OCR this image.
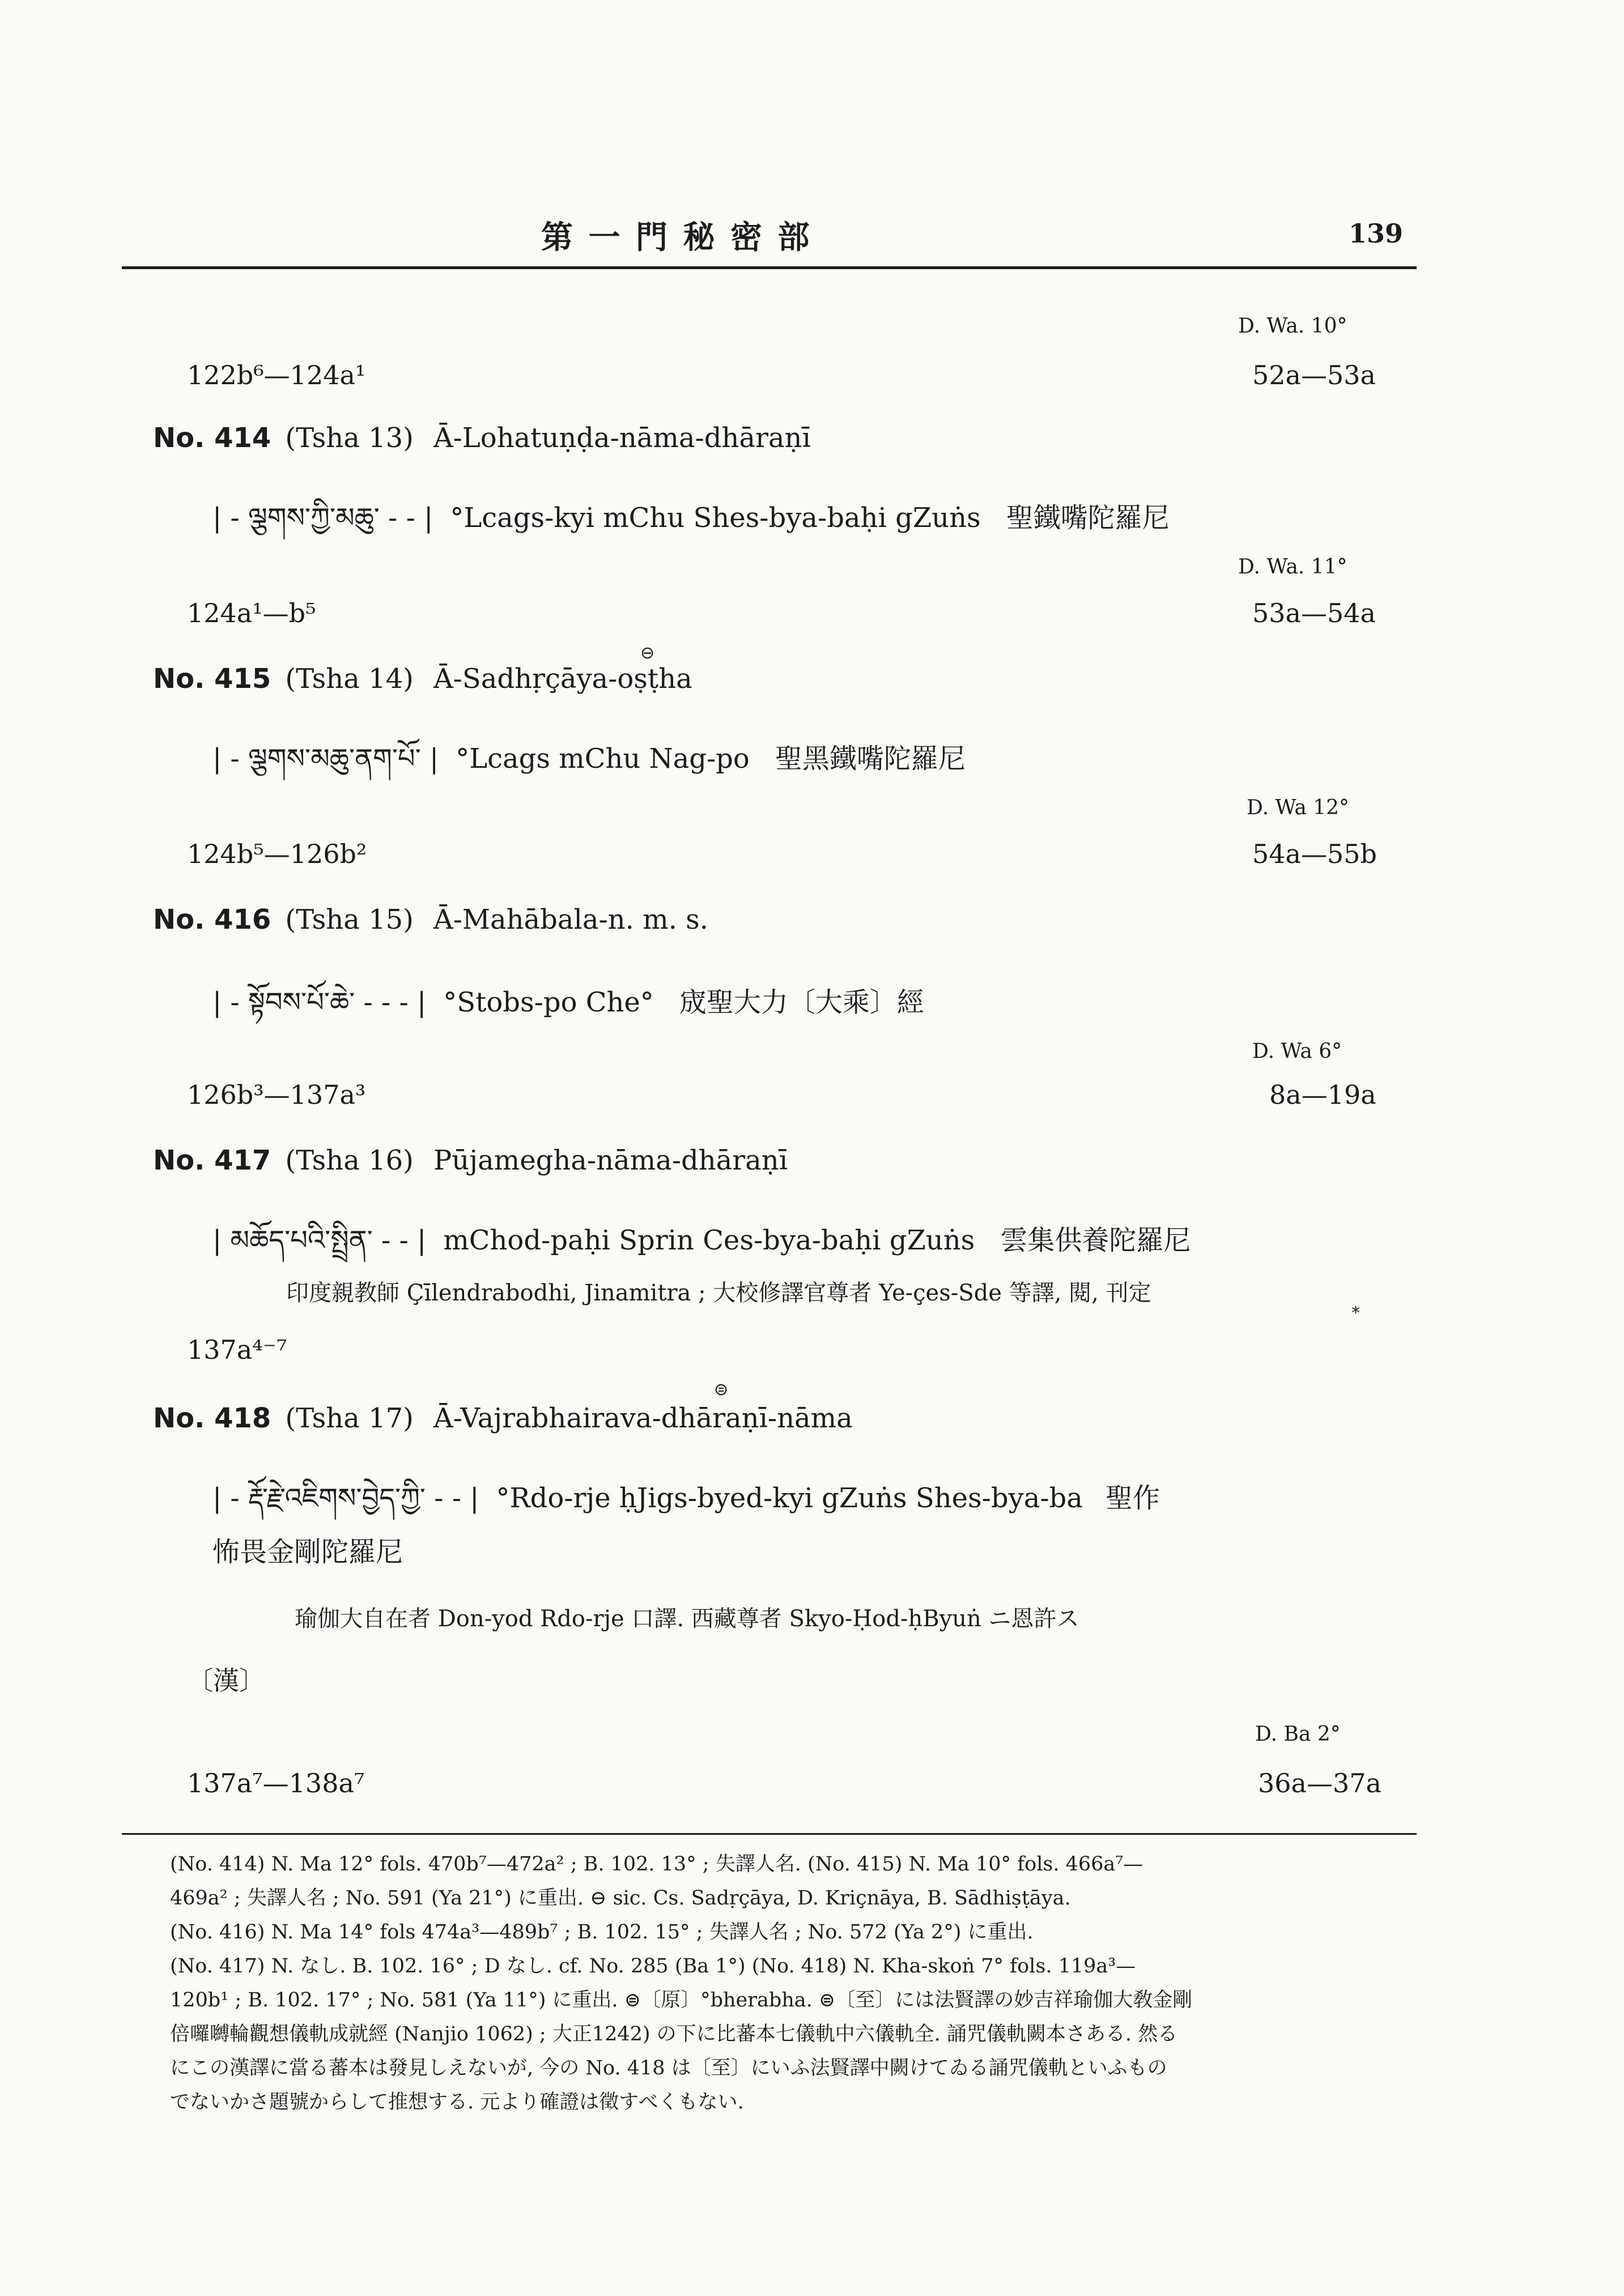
第 一 門 秘 密 部	139
D. Wa. 10°
122b⁶—124a¹	52a—53a
No. 414 (Tsha 13) Ā-Lohatuṇḍa-nāma-dhāraṇī
| - ལྕགས་ཀྱི་མཆུ་ - - | °Lcags-kyi mChu Shes-bya-baḥi gZuṅs 聖鐵嘴陀羅尼
D. Wa. 11°
124a¹—b⁵	53a—54a
⊖
No. 415 (Tsha 14) Ā-Sadhṛçāya-oṣṭha
| - ལྕགས་མཆུ་ནག་པོ་ | °Lcags mChu Nag-po 聖黑鐵嘴陀羅尼
D. Wa 12°
124b⁵—126b²	54a—55b
No. 416 (Tsha 15) Ā-Mahābala-n. m. s.
| - སྟོབས་པོ་ཆེ་ - - - | °Stobs-po Che° 宬聖大力〔大乘〕經
D. Wa 6°
126b³—137a³	8a—19a
No. 417 (Tsha 16) Pūjamegha-nāma-dhāraṇī
| མཆོད་པའི་སྤྲིན་ - - | mChod-paḥi Sprin Ces-bya-baḥi gZuṅs 雲集供養陀羅尼
印度親教師 Çīlendrabodhi, Jinamitra ; 大校修譯官尊者 Ye-çes-Sde 等譯, 閱, 刊定
*
137a⁴⁻⁷
⊜
No. 418 (Tsha 17) Ā-Vajrabhairava-dhāraṇī-nāma
| - རྡོ་རྗེ་འཇིགས་བྱེད་ཀྱི་ - - | °Rdo-rje ḥJigs-byed-kyi gZuṅs Shes-bya-ba 聖作
怖畏金剛陀羅尼
瑜伽大自在者 Don-yod Rdo-rje 口譯. 西藏尊者 Skyo-Ḥod-ḥByuṅ ニ恩許ス
〔漢〕
D. Ba 2°
137a⁷—138a⁷	36a—37a
(No. 414) N. Ma 12° fols. 470b⁷—472a² ; B. 102. 13° ; 失譯人名. (No. 415) N. Ma 10° fols. 466a⁷—
469a² ; 失譯人名 ; No. 591 (Ya 21°) に重出. ⊖ sic. Cs. Sadṛçāya, D. Kriçnāya, B. Sādhiṣṭāya.
(No. 416) N. Ma 14° fols 474a³—489b⁷ ; B. 102. 15° ; 失譯人名 ; No. 572 (Ya 2°) に重出.
(No. 417) N. なし. B. 102. 16° ; D なし. cf. No. 285 (Ba 1°) (No. 418) N. Kha-skoṅ 7° fols. 119a³—
120b¹ ; B. 102. 17° ; No. 581 (Ya 11°) に重出. ⊜〔原〕°bherabha. ⊜〔至〕には法賢譯の妙吉祥瑜伽大敎金剛
倍囉嚩輪觀想儀軌成就經 (Nanjio 1062) ; 大正1242) の下に比蕃本七儀軌中六儀軌全. 誦咒儀軌闕本さある. 然る
にこの漢譯に當る蕃本は發見しえないが, 今の No. 418 は〔至〕にいふ法賢譯中闕けてゐる誦咒儀軌といふもの
でないかさ題號からして推想する. 元より確證は徵すべくもない.
